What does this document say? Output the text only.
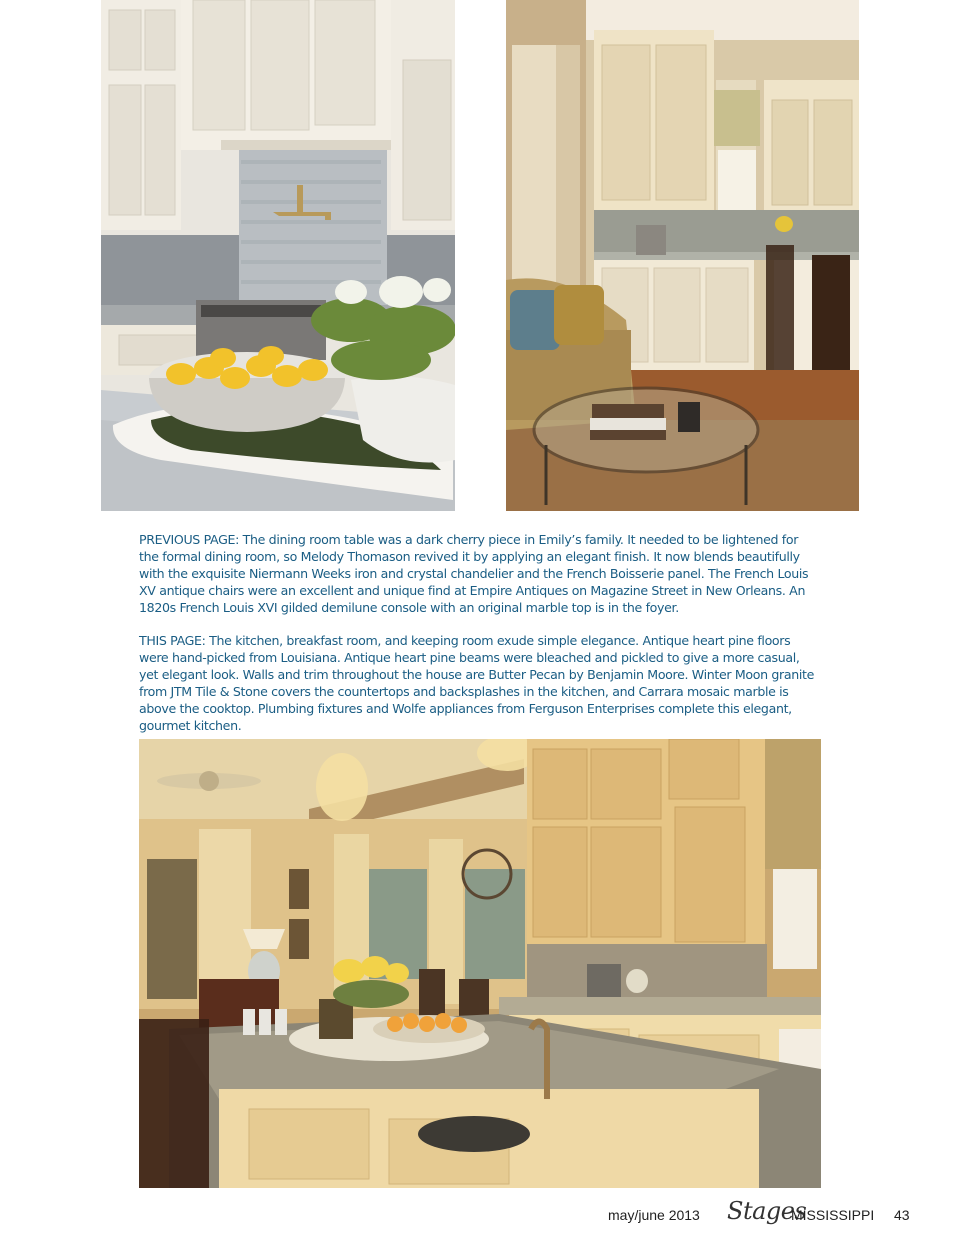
PREVIOUS PAGE: The dining room table was a dark cherry piece in Emily’s family. It needed to be lightened for the formal dining room, so Melody Thomason revived it by applying an elegant finish. It now blends beautifully with the exquisite Niermann Weeks iron and crystal chandelier and the French Boisserie panel. The French Louis XV antique chairs were an excellent and unique find at Empire Antiques on Magazine Street in New Orleans. An 1820s French Louis XVI gilded demilune console with an original marble top is in the foyer.

THIS PAGE: The kitchen, breakfast room, and keeping room exude simple elegance. Antique heart pine floors were hand-picked from Louisiana. Antique heart pine beams were bleached and pickled to give a more casual, yet elegant look. Walls and trim throughout the house are Butter Pecan by Benjamin Moore. Winter Moon granite from JTM Tile & Stone covers the countertops and backsplashes in the kitchen, and Carrara mosaic marble is above the cooktop. Plumbing fixtures and Wolfe appliances from Ferguson Enterprises complete this elegant, gourmet kitchen.

may/june 2013 Stages
MISSISSIPPI 43
